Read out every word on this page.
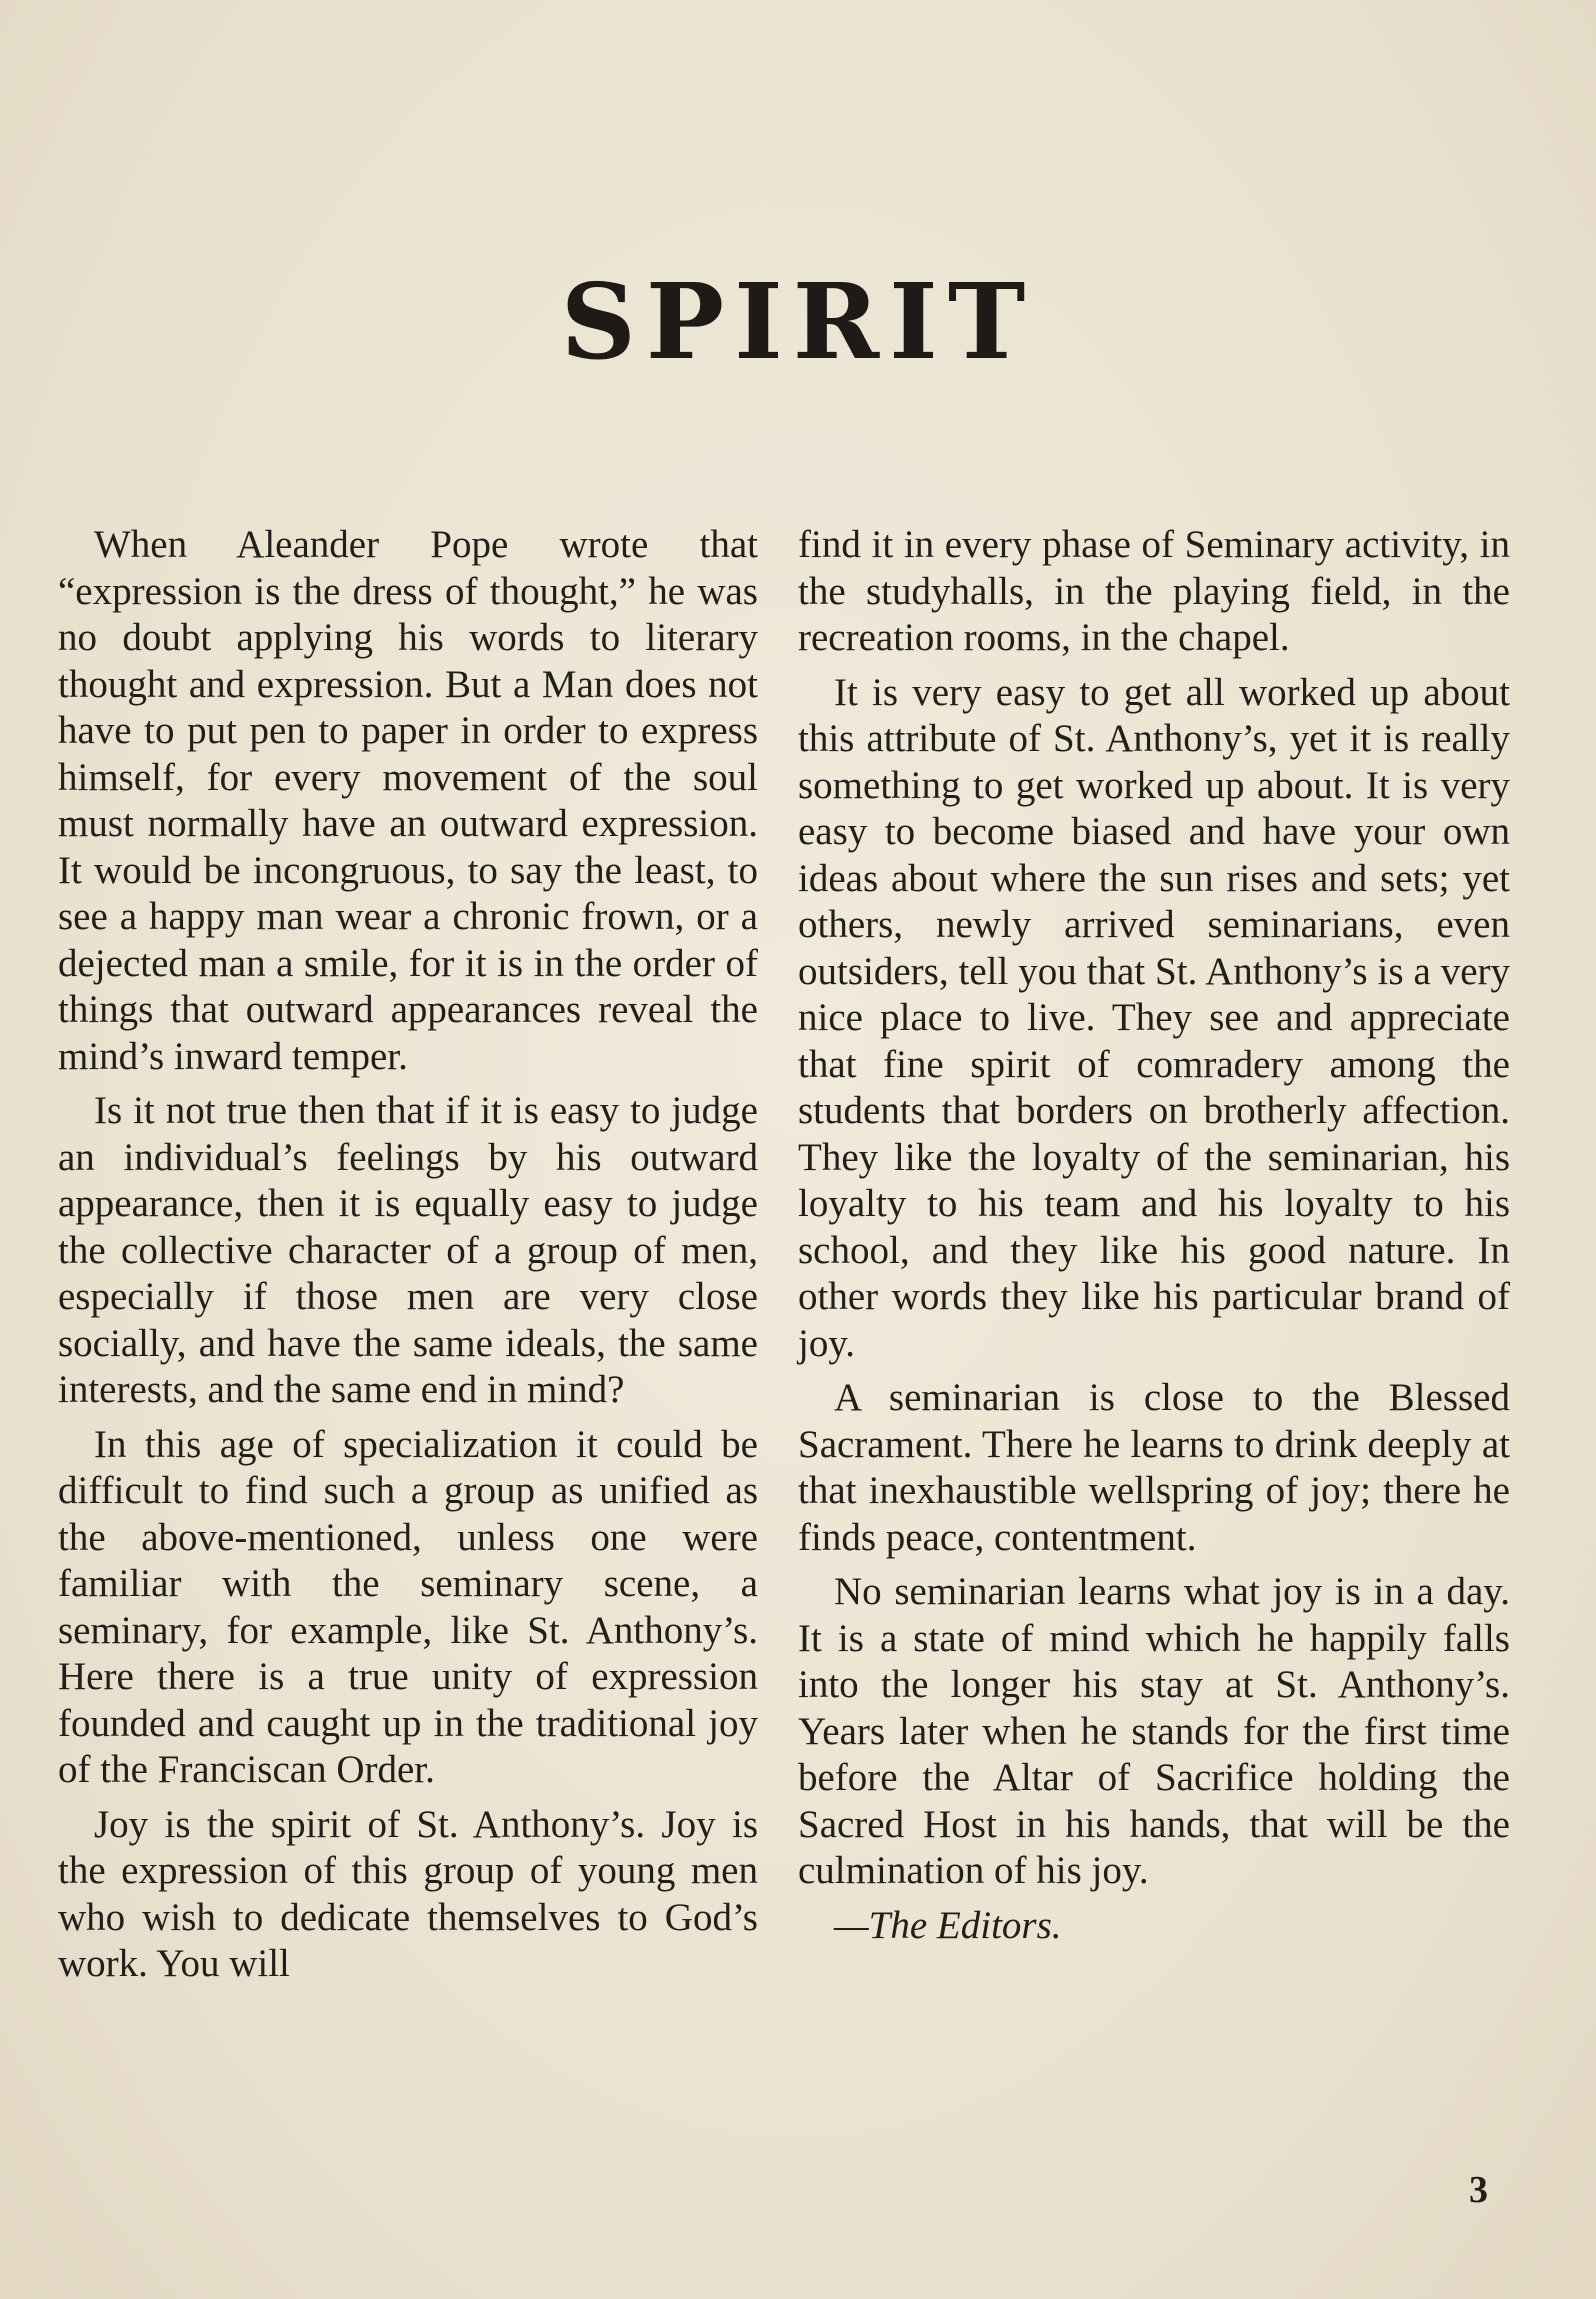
SPIRIT

When Aleander Pope wrote that “expression is the dress of thought,” he was no doubt applying his words to literary thought and expression. But a Man does not have to put pen to paper in order to express himself, for every movement of the soul must normally have an outward expression. It would be incongruous, to say the least, to see a happy man wear a chronic frown, or a dejected man a smile, for it is in the order of things that outward appearances reveal the mind’s inward temper.

Is it not true then that if it is easy to judge an individual’s feelings by his outward appearance, then it is equally easy to judge the collective character of a group of men, especially if those men are very close socially, and have the same ideals, the same interests, and the same end in mind?

In this age of specialization it could be difficult to find such a group as unified as the above-mentioned, unless one were familiar with the seminary scene, a seminary, for example, like St. Anthony’s. Here there is a true unity of expression founded and caught up in the traditional joy of the Franciscan Order.

Joy is the spirit of St. Anthony’s. Joy is the expression of this group of young men who wish to dedicate themselves to God’s work. You will

find it in every phase of Seminary activity, in the studyhalls, in the playing field, in the recreation rooms, in the chapel.

It is very easy to get all worked up about this attribute of St. Anthony’s, yet it is really something to get worked up about. It is very easy to become biased and have your own ideas about where the sun rises and sets; yet others, newly arrived seminarians, even outsiders, tell you that St. Anthony’s is a very nice place to live. They see and appreciate that fine spirit of comradery among the students that borders on brotherly affection. They like the loyalty of the seminarian, his loyalty to his team and his loyalty to his school, and they like his good nature. In other words they like his particular brand of joy.

A seminarian is close to the Blessed Sacrament. There he learns to drink deeply at that inexhaustible wellspring of joy; there he finds peace, contentment.

No seminarian learns what joy is in a day. It is a state of mind which he happily falls into the longer his stay at St. Anthony’s. Years later when he stands for the first time before the Altar of Sacrifice holding the Sacred Host in his hands, that will be the culmination of his joy.

—The Editors.

3
